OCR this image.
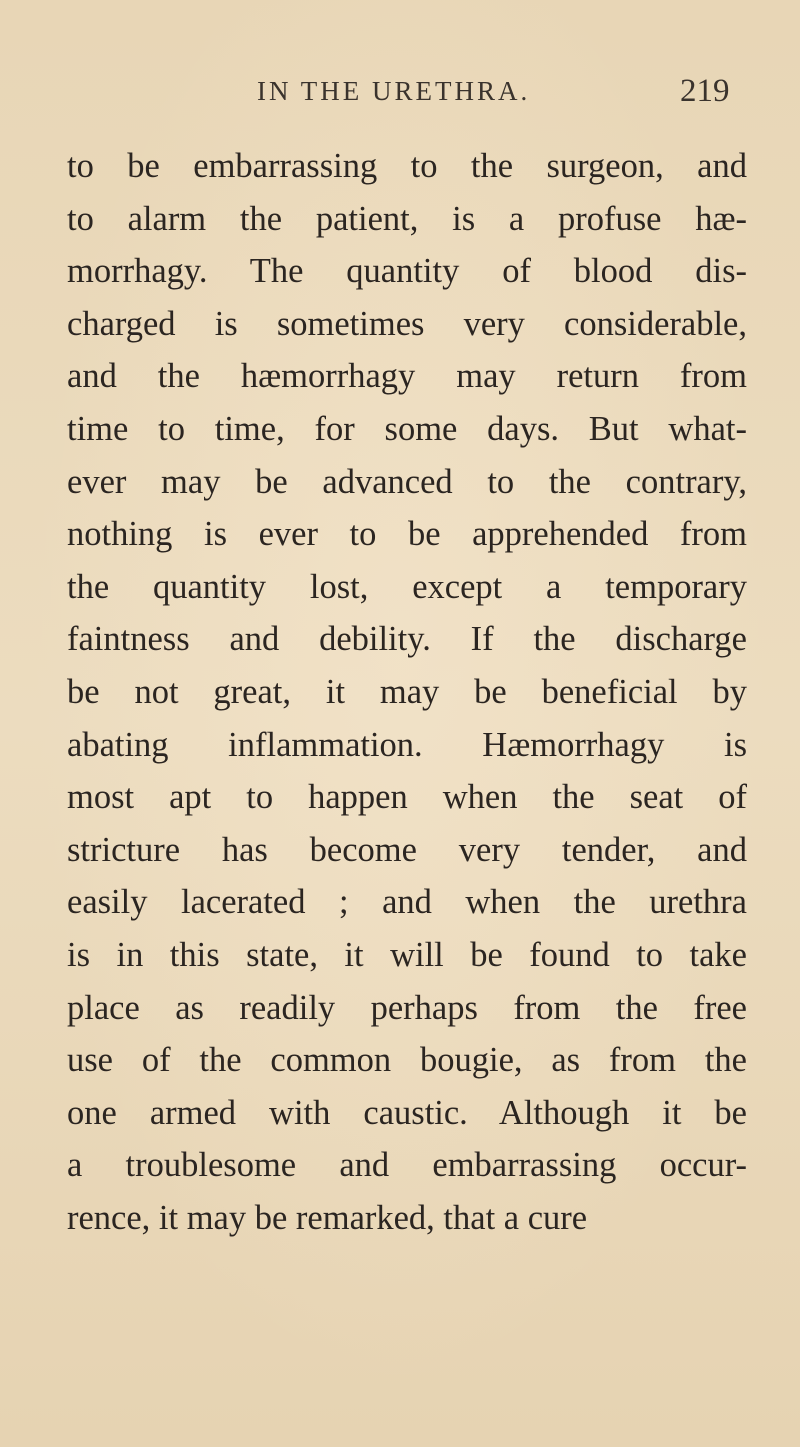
IN THE URETHRA.	219
to be embarrassing to the surgeon, and
to alarm the patient, is a profuse hæ-
morrhagy. The quantity of blood dis-
charged is sometimes very considerable,
and the hæmorrhagy may return from
time to time, for some days. But what-
ever may be advanced to the contrary,
nothing is ever to be apprehended from
the quantity lost, except a temporary
faintness and debility. If the discharge
be not great, it may be beneficial by
abating inflammation. Hæmorrhagy is
most apt to happen when the seat of
stricture has become very tender, and
easily lacerated ; and when the urethra
is in this state, it will be found to take
place as readily perhaps from the free
use of the common bougie, as from the
one armed with caustic. Although it be
a troublesome and embarrassing occur-
rence, it may be remarked, that a cure
